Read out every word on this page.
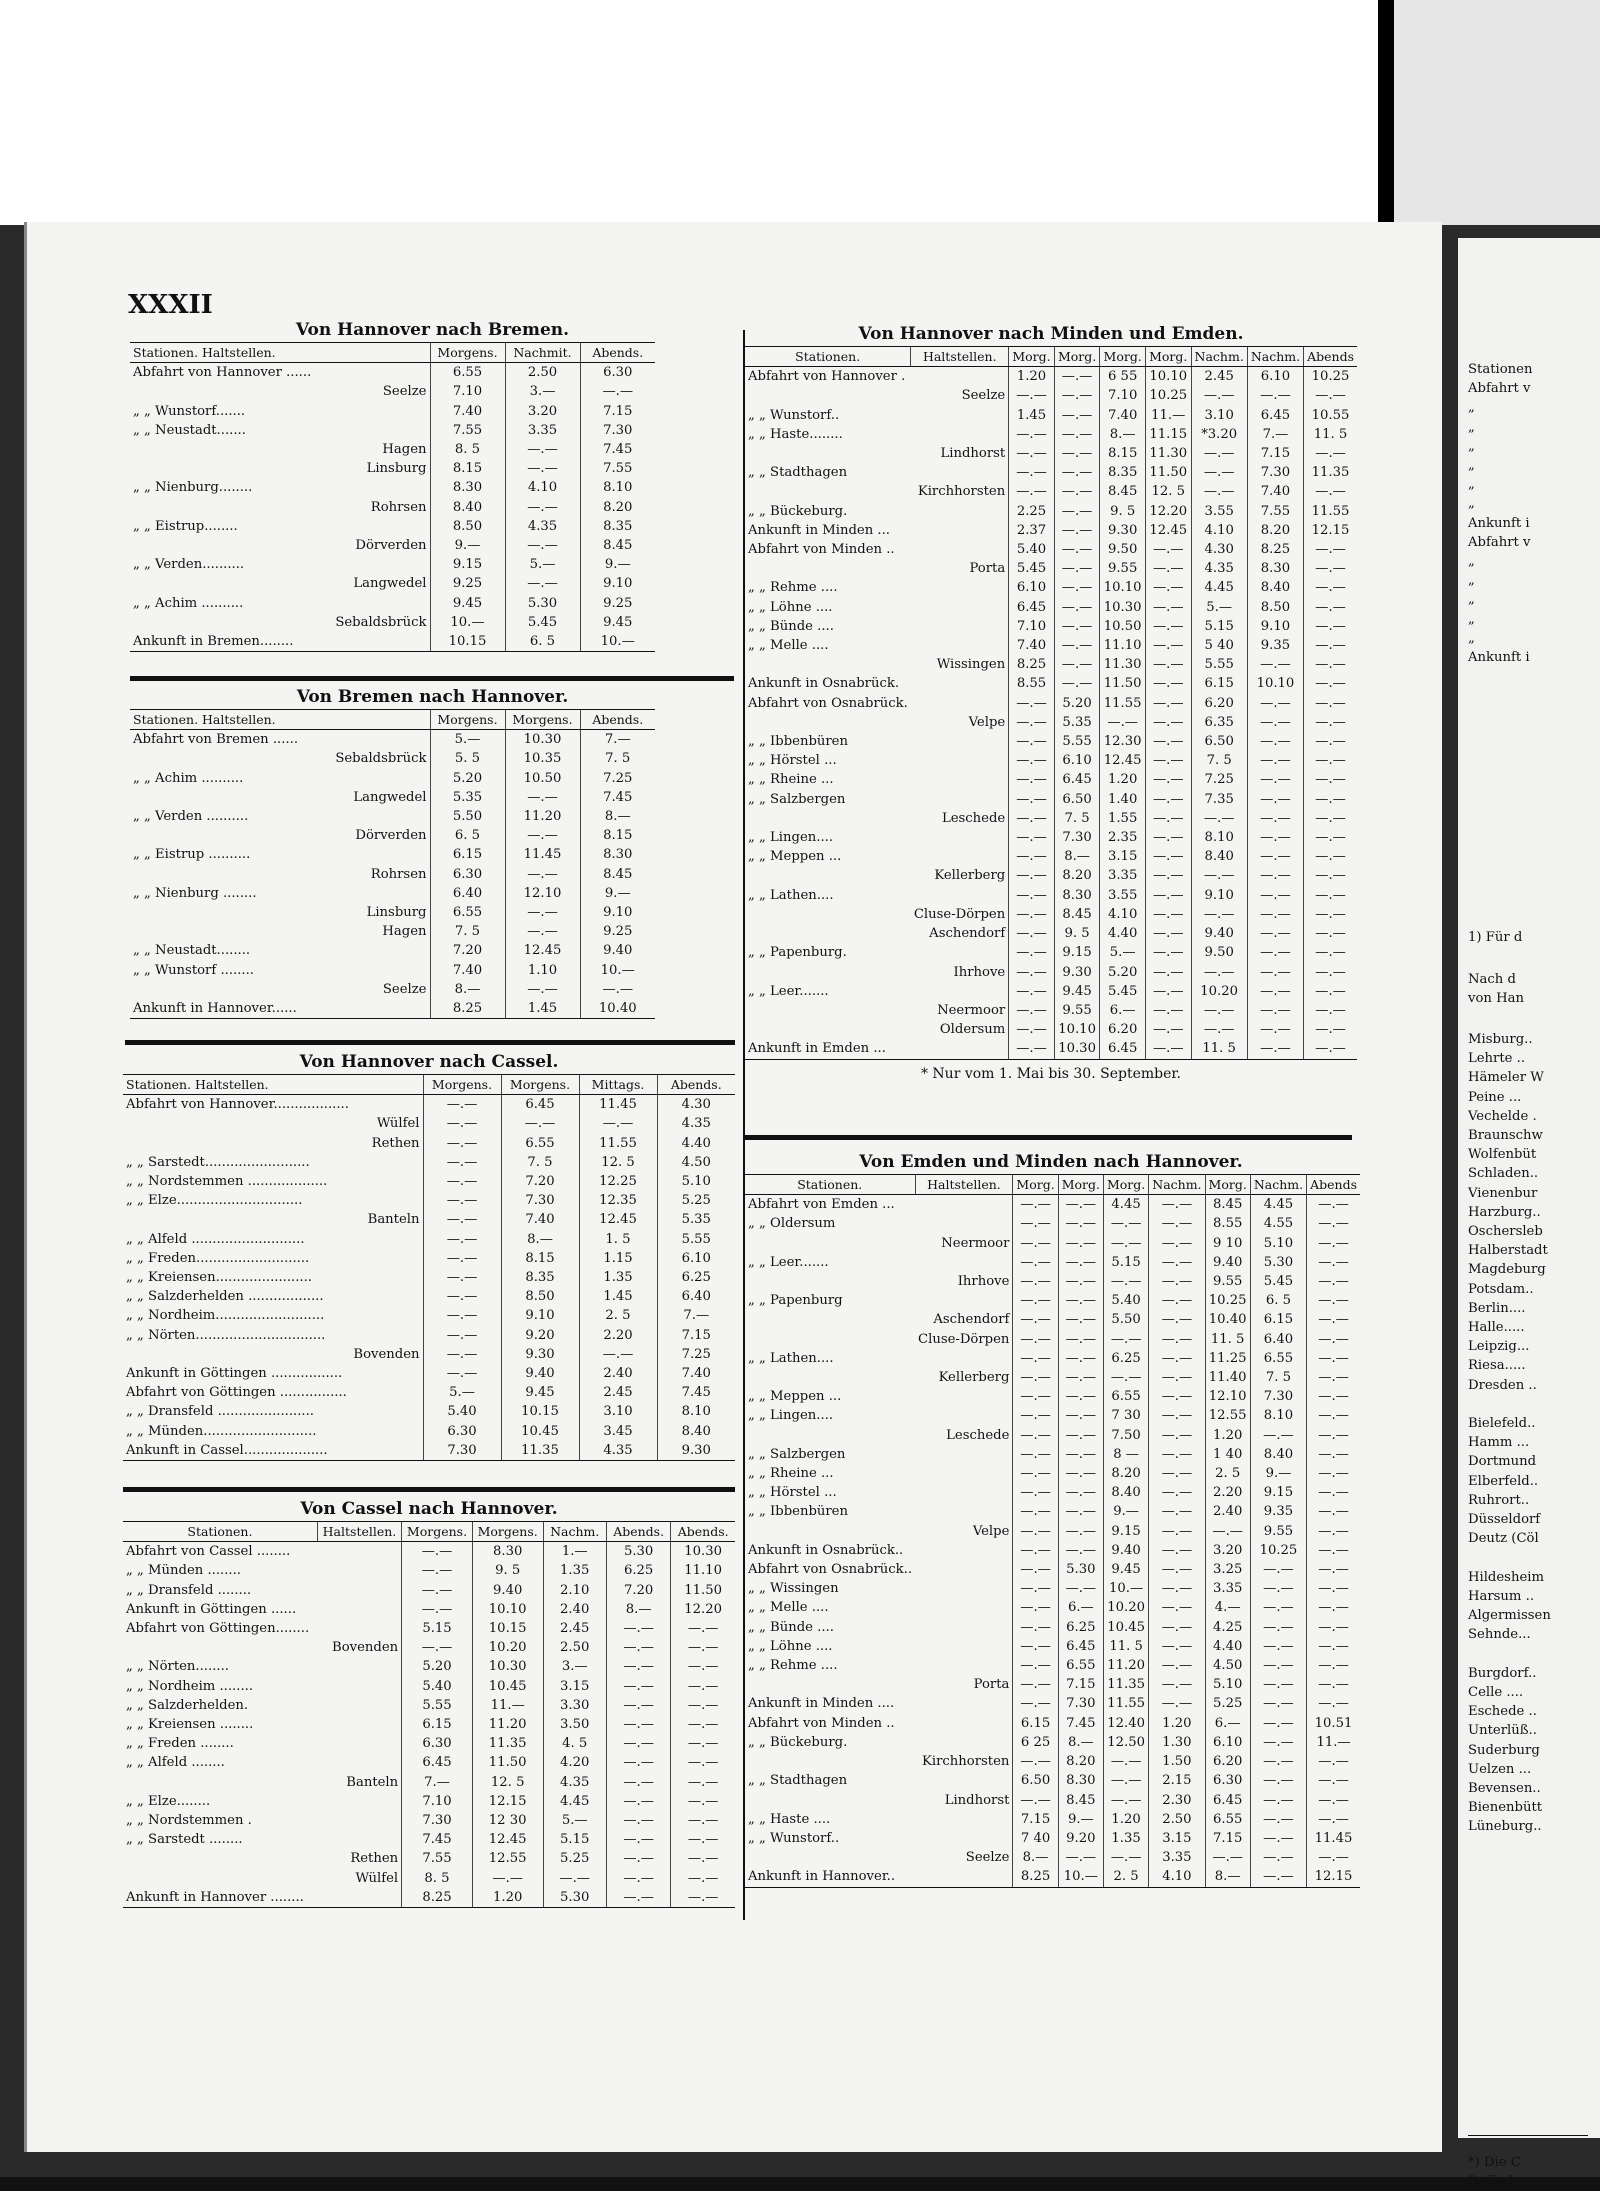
Stationen
Abfahrt v
„
„
„
„
„
„
Ankunft i
Abfahrt v
„
„
„
„
„
Ankunft i
1) Für d
Nach d
von Han
Misburg..
Lehrte ..
Hämeler W
Peine ...
Vechelde .
Braunschw
Wolfenbüt
Schladen..
Vienenbur
Harzburg..
Oschersleb
Halberstadt
Magdeburg
Potsdam..
Berlin....
Halle.....
Leipzig...
Riesa.....
Dresden ..

Bielefeld..
Hamm ...
Dortmund
Elberfeld..
Ruhrort..
Düsseldorf
Deutz (Cöl

Hildesheim
Harsum ..
Algermissen
Sehnde...

Burgdorf..
Celle ....
Eschede ..
Unterlüß..
Suderburg
Uelzen ...
Bevensen..
Bienenbütt
Lüneburg..
*) Die C
Beförd
XXXII
Von Hannover nach Bremen.
Stationen. Haltstellen.	Morgens.	Nachmit.	Abends.
Abfahrt von Hannover ......	6.55	2.50	6.30
Seelze	7.10	3.—	—.—
„ „ Wunstorf.......	7.40	3.20	7.15
„ „ Neustadt.......	7.55	3.35	7.30
Hagen	8. 5	—.—	7.45
Linsburg	8.15	—.—	7.55
„ „ Nienburg........	8.30	4.10	8.10
Rohrsen	8.40	—.—	8.20
„ „ Eistrup........	8.50	4.35	8.35
Dörverden	9.—	—.—	8.45
„ „ Verden..........	9.15	5.—	9.—
Langwedel	9.25	—.—	9.10
„ „ Achim ..........	9.45	5.30	9.25
Sebaldsbrück	10.—	5.45	9.45
Ankunft in Bremen........	10.15	6. 5	10.—
Von Bremen nach Hannover.
Stationen. Haltstellen.	Morgens.	Morgens.	Abends.
Abfahrt von Bremen ......	5.—	10.30	7.—
Sebaldsbrück	5. 5	10.35	7. 5
„ „ Achim ..........	5.20	10.50	7.25
Langwedel	5.35	—.—	7.45
„ „ Verden ..........	5.50	11.20	8.—
Dörverden	6. 5	—.—	8.15
„ „ Eistrup ..........	6.15	11.45	8.30
Rohrsen	6.30	—.—	8.45
„ „ Nienburg ........	6.40	12.10	9.—
Linsburg	6.55	—.—	9.10
Hagen	7. 5	—.—	9.25
„ „ Neustadt........	7.20	12.45	9.40
„ „ Wunstorf ........	7.40	1.10	10.—
Seelze	8.—	—.—	—.—
Ankunft in Hannover......	8.25	1.45	10.40
Von Hannover nach Cassel.
Stationen. Haltstellen.	Morgens.	Morgens.	Mittags.	Abends.
Abfahrt von Hannover..................	—.—	6.45	11.45	4.30
Wülfel	—.—	—.—	—.—	4.35
Rethen	—.—	6.55	11.55	4.40
„ „ Sarstedt.........................	—.—	7. 5	12. 5	4.50
„ „ Nordstemmen ...................	—.—	7.20	12.25	5.10
„ „ Elze..............................	—.—	7.30	12.35	5.25
Banteln	—.—	7.40	12.45	5.35
„ „ Alfeld ...........................	—.—	8.—	1. 5	5.55
„ „ Freden...........................	—.—	8.15	1.15	6.10
„ „ Kreiensen.......................	—.—	8.35	1.35	6.25
„ „ Salzderhelden ..................	—.—	8.50	1.45	6.40
„ „ Nordheim..........................	—.—	9.10	2. 5	7.—
„ „ Nörten...............................	—.—	9.20	2.20	7.15
Bovenden	—.—	9.30	—.—	7.25
Ankunft in Göttingen .................	—.—	9.40	2.40	7.40
Abfahrt von Göttingen ................	5.—	9.45	2.45	7.45
„ „ Dransfeld .......................	5.40	10.15	3.10	8.10
„ „ Münden...........................	6.30	10.45	3.45	8.40
Ankunft in Cassel....................	7.30	11.35	4.35	9.30
Von Cassel nach Hannover.
Stationen.	Haltstellen.	Morgens.	Morgens.	Nachm.	Abends.	Abends.
Abfahrt von Cassel ........		—.—	8.30	1.—	5.30	10.30
„ „ Münden ........		—.—	9. 5	1.35	6.25	11.10
„ „ Dransfeld ........		—.—	9.40	2.10	7.20	11.50
Ankunft in Göttingen ......		—.—	10.10	2.40	8.—	12.20
Abfahrt von Göttingen........		5.15	10.15	2.45	—.—	—.—
	Bovenden	—.—	10.20	2.50	—.—	—.—
„ „ Nörten........		5.20	10.30	3.—	—.—	—.—
„ „ Nordheim ........		5.40	10.45	3.15	—.—	—.—
„ „ Salzderhelden.		5.55	11.—	3.30	—.—	—.—
„ „ Kreiensen ........		6.15	11.20	3.50	—.—	—.—
„ „ Freden ........		6.30	11.35	4. 5	—.—	—.—
„ „ Alfeld ........		6.45	11.50	4.20	—.—	—.—
	Banteln	7.—	12. 5	4.35	—.—	—.—
„ „ Elze........		7.10	12.15	4.45	—.—	—.—
„ „ Nordstemmen .		7.30	12 30	5.—	—.—	—.—
„ „ Sarstedt ........		7.45	12.45	5.15	—.—	—.—
	Rethen	7.55	12.55	5.25	—.—	—.—
	Wülfel	8. 5	—.—	—.—	—.—	—.—
Ankunft in Hannover ........		8.25	1.20	5.30	—.—	—.—
Von Hannover nach Minden und Emden.
Stationen.	Haltstellen.	Morg.	Morg.	Morg.	Morg.	Nachm.	Nachm.	Abends
Abfahrt von Hannover .		1.20	—.—	6 55	10.10	2.45	6.10	10.25
	Seelze	—.—	—.—	7.10	10.25	—.—	—.—	—.—
„ „ Wunstorf..		1.45	—.—	7.40	11.—	3.10	6.45	10.55
„ „ Haste........		—.—	—.—	8.—	11.15	*3.20	7.—	11. 5
	Lindhorst	—.—	—.—	8.15	11.30	—.—	7.15	—.—
„ „ Stadthagen		—.—	—.—	8.35	11.50	—.—	7.30	11.35
	Kirchhorsten	—.—	—.—	8.45	12. 5	—.—	7.40	—.—
„ „ Bückeburg.		2.25	—.—	9. 5	12.20	3.55	7.55	11.55
Ankunft in Minden ...		2.37	—.—	9.30	12.45	4.10	8.20	12.15
Abfahrt von Minden ..		5.40	—.—	9.50	—.—	4.30	8.25	—.—
	Porta	5.45	—.—	9.55	—.—	4.35	8.30	—.—
„ „ Rehme ....		6.10	—.—	10.10	—.—	4.45	8.40	—.—
„ „ Löhne ....		6.45	—.—	10.30	—.—	5.—	8.50	—.—
„ „ Bünde ....		7.10	—.—	10.50	—.—	5.15	9.10	—.—
„ „ Melle ....		7.40	—.—	11.10	—.—	5 40	9.35	—.—
	Wissingen	8.25	—.—	11.30	—.—	5.55	—.—	—.—
Ankunft in Osnabrück.		8.55	—.—	11.50	—.—	6.15	10.10	—.—
Abfahrt von Osnabrück.		—.—	5.20	11.55	—.—	6.20	—.—	—.—
	Velpe	—.—	5.35	—.—	—.—	6.35	—.—	—.—
„ „ Ibbenbüren		—.—	5.55	12.30	—.—	6.50	—.—	—.—
„ „ Hörstel ...		—.—	6.10	12.45	—.—	7. 5	—.—	—.—
„ „ Rheine ...		—.—	6.45	1.20	—.—	7.25	—.—	—.—
„ „ Salzbergen		—.—	6.50	1.40	—.—	7.35	—.—	—.—
	Leschede	—.—	7. 5	1.55	—.—	—.—	—.—	—.—
„ „ Lingen....		—.—	7.30	2.35	—.—	8.10	—.—	—.—
„ „ Meppen ...		—.—	8.—	3.15	—.—	8.40	—.—	—.—
	Kellerberg	—.—	8.20	3.35	—.—	—.—	—.—	—.—
„ „ Lathen....		—.—	8.30	3.55	—.—	9.10	—.—	—.—
	Cluse-Dörpen	—.—	8.45	4.10	—.—	—.—	—.—	—.—
	Aschendorf	—.—	9. 5	4.40	—.—	9.40	—.—	—.—
„ „ Papenburg.		—.—	9.15	5.—	—.—	9.50	—.—	—.—
	Ihrhove	—.—	9.30	5.20	—.—	—.—	—.—	—.—
„ „ Leer.......		—.—	9.45	5.45	—.—	10.20	—.—	—.—
	Neermoor	—.—	9.55	6.—	—.—	—.—	—.—	—.—
	Oldersum	—.—	10.10	6.20	—.—	—.—	—.—	—.—
Ankunft in Emden ...		—.—	10.30	6.45	—.—	11. 5	—.—	—.—
* Nur vom 1. Mai bis 30. September.
Von Emden und Minden nach Hannover.
Stationen.	Haltstellen.	Morg.	Morg.	Morg.	Nachm.	Morg.	Nachm.	Abends
Abfahrt von Emden ...		—.—	—.—	4.45	—.—	8.45	4.45	—.—
„ „ Oldersum		—.—	—.—	—.—	—.—	8.55	4.55	—.—
	Neermoor	—.—	—.—	—.—	—.—	9 10	5.10	—.—
„ „ Leer.......		—.—	—.—	5.15	—.—	9.40	5.30	—.—
	Ihrhove	—.—	—.—	—.—	—.—	9.55	5.45	—.—
„ „ Papenburg		—.—	—.—	5.40	—.—	10.25	6. 5	—.—
	Aschendorf	—.—	—.—	5.50	—.—	10.40	6.15	—.—
	Cluse-Dörpen	—.—	—.—	—.—	—.—	11. 5	6.40	—.—
„ „ Lathen....		—.—	—.—	6.25	—.—	11.25	6.55	—.—
	Kellerberg	—.—	—.—	—.—	—.—	11.40	7. 5	—.—
„ „ Meppen ...		—.—	—.—	6.55	—.—	12.10	7.30	—.—
„ „ Lingen....		—.—	—.—	7 30	—.—	12.55	8.10	—.—
	Leschede	—.—	—.—	7.50	—.—	1.20	—.—	—.—
„ „ Salzbergen		—.—	—.—	8 —	—.—	1 40	8.40	—.—
„ „ Rheine ...		—.—	—.—	8.20	—.—	2. 5	9.—	—.—
„ „ Hörstel ...		—.—	—.—	8.40	—.—	2.20	9.15	—.—
„ „ Ibbenbüren		—.—	—.—	9.—	—.—	2.40	9.35	—.—
	Velpe	—.—	—.—	9.15	—.—	—.—	9.55	—.—
Ankunft in Osnabrück..		—.—	—.—	9.40	—.—	3.20	10.25	—.—
Abfahrt von Osnabrück..		—.—	5.30	9.45	—.—	3.25	—.—	—.—
„ „ Wissingen		—.—	—.—	10.—	—.—	3.35	—.—	—.—
„ „ Melle ....		—.—	6.—	10.20	—.—	4.—	—.—	—.—
„ „ Bünde ....		—.—	6.25	10.45	—.—	4.25	—.—	—.—
„ „ Löhne ....		—.—	6.45	11. 5	—.—	4.40	—.—	—.—
„ „ Rehme ....		—.—	6.55	11.20	—.—	4.50	—.—	—.—
	Porta	—.—	7.15	11.35	—.—	5.10	—.—	—.—
Ankunft in Minden ....		—.—	7.30	11.55	—.—	5.25	—.—	—.—
Abfahrt von Minden ..		6.15	7.45	12.40	1.20	6.—	—.—	10.51
„ „ Bückeburg.		6 25	8.—	12.50	1.30	6.10	—.—	11.—
	Kirchhorsten	—.—	8.20	—.—	1.50	6.20	—.—	—.—
„ „ Stadthagen		6.50	8.30	—.—	2.15	6.30	—.—	—.—
	Lindhorst	—.—	8.45	—.—	2.30	6.45	—.—	—.—
„ „ Haste ....		7.15	9.—	1.20	2.50	6.55	—.—	—.—
„ „ Wunstorf..		7 40	9.20	1.35	3.15	7.15	—.—	11.45
	Seelze	8.—	—.—	—.—	3.35	—.—	—.—	—.—
Ankunft in Hannover..		8.25	10.—	2. 5	4.10	8.—	—.—	12.15
